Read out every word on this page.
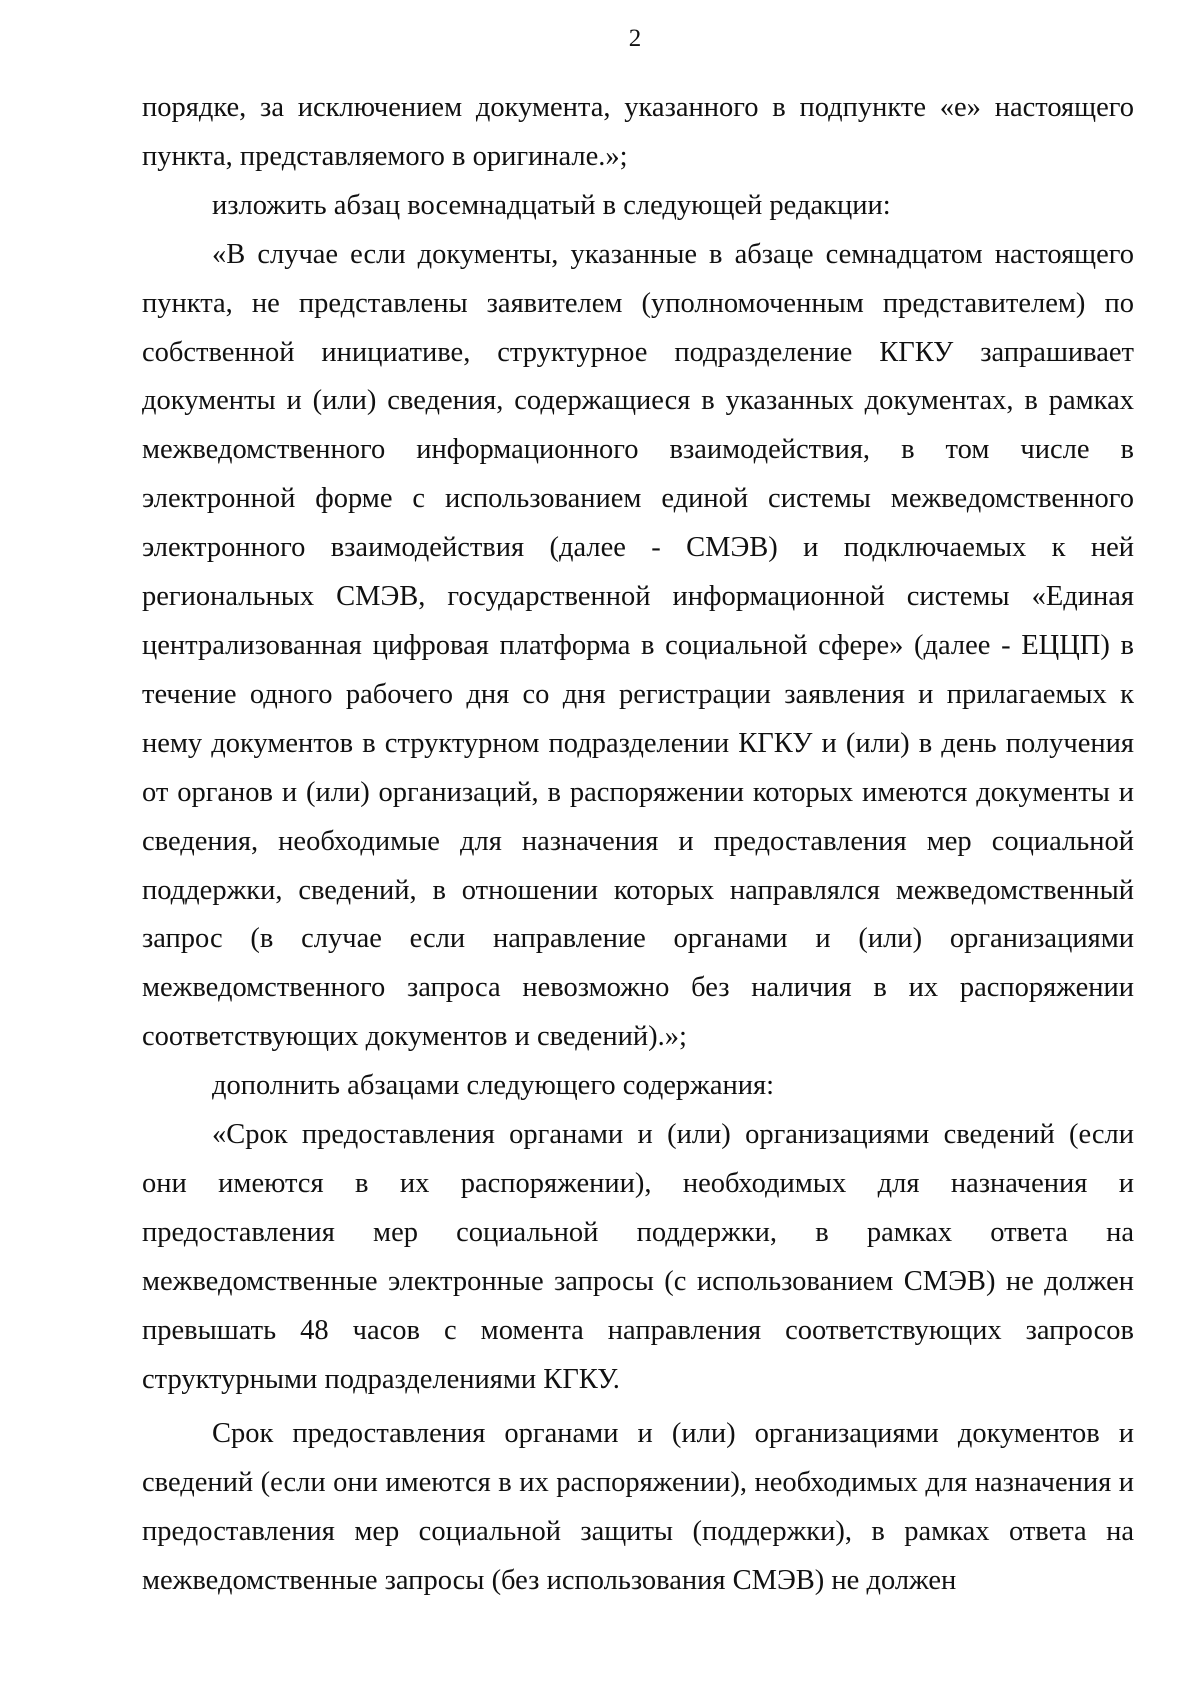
2

порядке, за исключением документа, указанного в подпункте «е» настоящего пункта, представляемого в оригинале.»;

изложить абзац восемнадцатый в следующей редакции:

«В случае если документы, указанные в абзаце семнадцатом настоящего пункта, не представлены заявителем (уполномоченным представителем) по собственной инициативе, структурное подразделение КГКУ запрашивает документы и (или) сведения, содержащиеся в указанных документах, в рамках межведомственного информационного взаимодействия, в том числе в электронной форме с использованием единой системы межведомственного электронного взаимодействия (далее - СМЭВ) и подключаемых к ней региональных СМЭВ, государственной информационной системы «Единая централизованная цифровая платформа в социальной сфере» (далее - ЕЦЦП) в течение одного рабочего дня со дня регистрации заявления и прилагаемых к нему документов в структурном подразделении КГКУ и (или) в день получения от органов и (или) организаций, в распоряжении которых имеются документы и сведения, необходимые для назначения и предоставления мер социальной поддержки, сведений, в отношении которых направлялся межведомственный запрос (в случае если направление органами и (или) организациями межведомственного запроса невозможно без наличия в их распоряжении соответствующих документов и сведений).»;

дополнить абзацами следующего содержания:

«Срок предоставления органами и (или) организациями сведений (если они имеются в их распоряжении), необходимых для назначения и предоставления мер социальной поддержки, в рамках ответа на межведомственные электронные запросы (с использованием СМЭВ) не должен превышать 48 часов с момента направления соответствующих запросов структурными подразделениями КГКУ.

Срок предоставления органами и (или) организациями документов и сведений (если они имеются в их распоряжении), необходимых для назначения и предоставления мер социальной защиты (поддержки), в рамках ответа на межведомственные запросы (без использования СМЭВ) не должен
